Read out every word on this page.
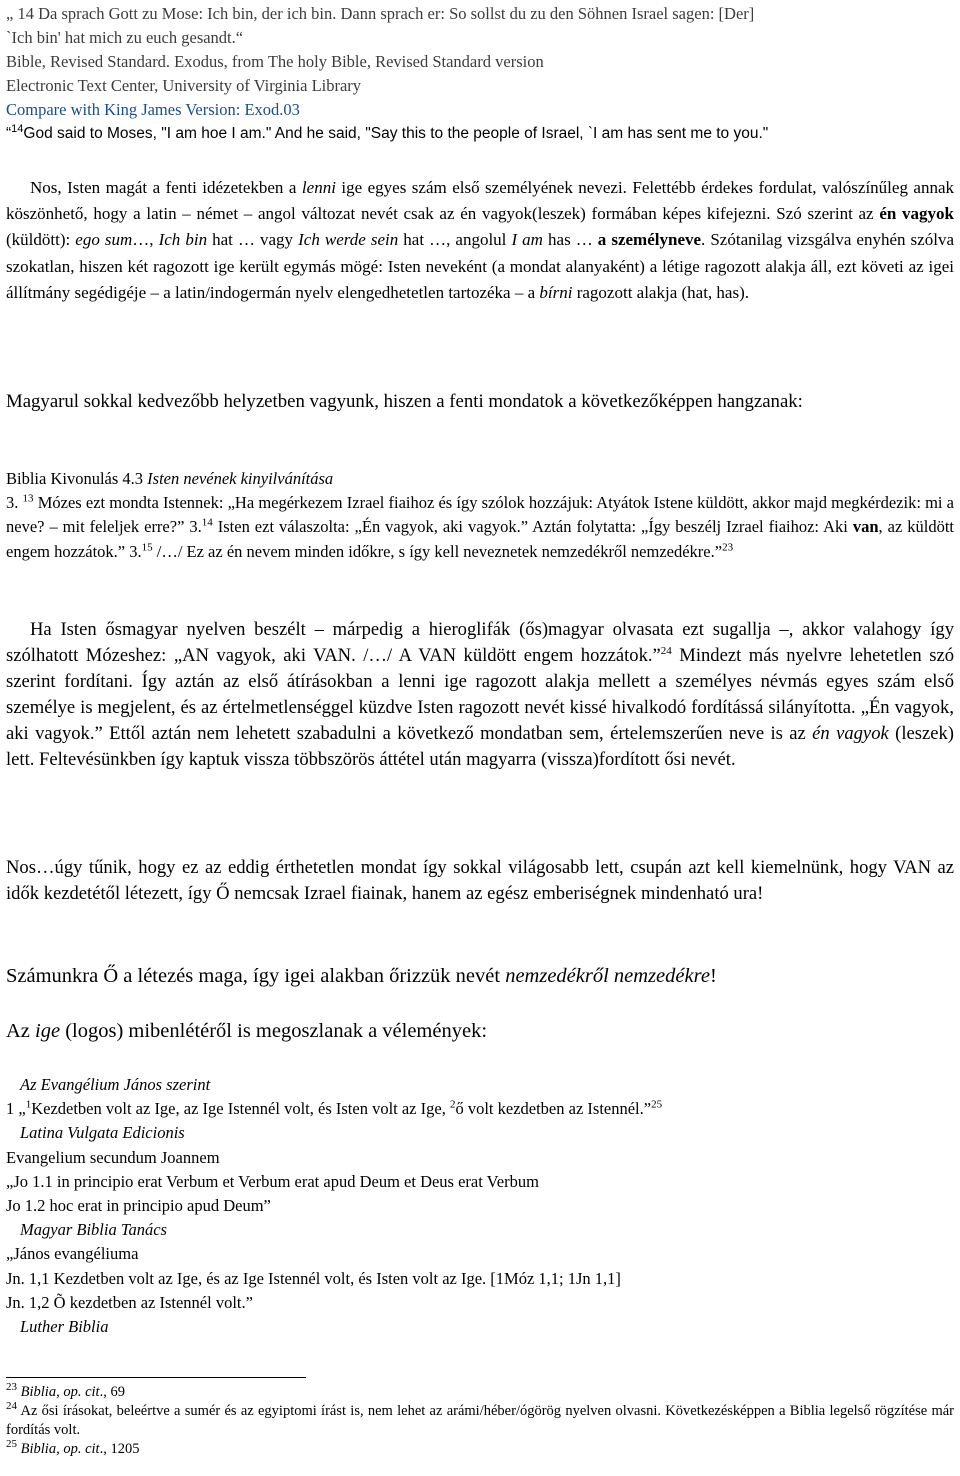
„ 14 Da sprach Gott zu Mose: Ich bin, der ich bin. Dann sprach er: So sollst du zu den Söhnen Israel sagen: [Der]
`Ich bin' hat mich zu euch gesandt.“
Bible, Revised Standard. Exodus, from The holy Bible, Revised Standard version
Electronic Text Center, University of Virginia Library
Compare with King James Version: Exod.03
“$^{14}$God said to Moses, "I am hoe I am." And he said, "Say this to the people of Israel, `I am has sent me to you."
Nos, Isten magát a fenti idézetekben a lenni ige egyes szám első személyének nevezi. Felettébb érdekes fordulat, valószínűleg annak köszönhető, hogy a latin – német – angol változat nevét csak az én vagyok(leszek) formában képes kifejezni. Szó szerint az én vagyok (küldött): ego sum…, Ich bin hat … vagy Ich werde sein hat …, angolul I am has … a személyneve. Szótanilag vizsgálva enyhén szólva szokatlan, hiszen két ragozott ige került egymás mögé: Isten neveként (a mondat alanyaként) a létige ragozott alakja áll, ezt követi az igei állítmány segédigéje – a latin/indogermán nyelv elengedhetetlen tartozéka – a bírni ragozott alakja (hat, has).
Magyarul sokkal kedvezőbb helyzetben vagyunk, hiszen a fenti mondatok a következőképpen hangzanak:
Biblia Kivonulás 4.3 Isten nevének kinyilvánítása
3. $^{13}$ Mózes ezt mondta Istennek: „Ha megérkezem Izrael fiaihoz és így szólok hozzájuk: Atyátok Istene küldött, akkor majd megkérdezik: mi a neve? – mit feleljek erre?” 3.14 Isten ezt válaszolta: „Én vagyok, aki vagyok.” Aztán folytatta: „Így beszélj Izrael fiaihoz: Aki van, az küldött engem hozzátok.” 3.15 /…/ Ez az én nevem minden időkre, s így kell neveznetek nemzedékről nemzedékre.”$^{23}$
Ha Isten ősmagyar nyelven beszélt – márpedig a hieroglifák (ős)magyar olvasata ezt sugallja –, akkor valahogy így szólhatott Mózeshez: „AN vagyok, aki VAN. /…/ A VAN küldött engem hozzátok.”$^{24}$ Mindezt más nyelvre lehetetlen szó szerint fordítani. Így aztán az első átírásokban a lenni ige ragozott alakja mellett a személyes névmás egyes szám első személye is megjelent, és az értelmetlenséggel küzdve Isten ragozott nevét kissé hivalkodó fordítássá silányította. „Én vagyok, aki vagyok.” Ettől aztán nem lehetett szabadulni a következő mondatban sem, értelemszerűen neve is az én vagyok (leszek) lett. Feltevésünkben így kaptuk vissza többszörös áttétel után magyarra (vissza)fordított ősi nevét.
Nos…úgy tűnik, hogy ez az eddig érthetetlen mondat így sokkal világosabb lett, csupán azt kell kiemelnünk, hogy VAN az idők kezdetétől létezett, így Ő nemcsak Izrael fiainak, hanem az egész emberiségnek mindenható ura!
Számunkra Ő a létezés maga, így igei alakban őrizzük nevét nemzedékről nemzedékre!
Az ige (logos) mibenlétéről is megoszlanak a vélemények:
Az Evangélium János szerint
1 „$^1$Kezdetben volt az Ige, az Ige Istennél volt, és Isten volt az Ige, $^2$ő volt kezdetben az Istennél.”$^{25}$
Latina Vulgata Edicionis
Evangelium secundum Joannem
„Jo 1.1 in principio erat Verbum et Verbum erat apud Deum et Deus erat Verbum
Jo 1.2 hoc erat in principio apud Deum”
Magyar Biblia Tanács
„János evangéliuma
Jn. 1,1 Kezdetben volt az Ige, és az Ige Istennél volt, és Isten volt az Ige. [1Móz 1,1; 1Jn 1,1]
Jn. 1,2 Õ kezdetben az Istennél volt.”
Luther Biblia
$^{23}$ Biblia, op. cit., 69
$^{24}$ Az ősi írásokat, beleértve a sumér és az egyiptomi írást is, nem lehet az arámi/héber/ógörög nyelven olvasni. Következésképpen a Biblia legelső rögzítése már fordítás volt.
$^{25}$ Biblia, op. cit., 1205
